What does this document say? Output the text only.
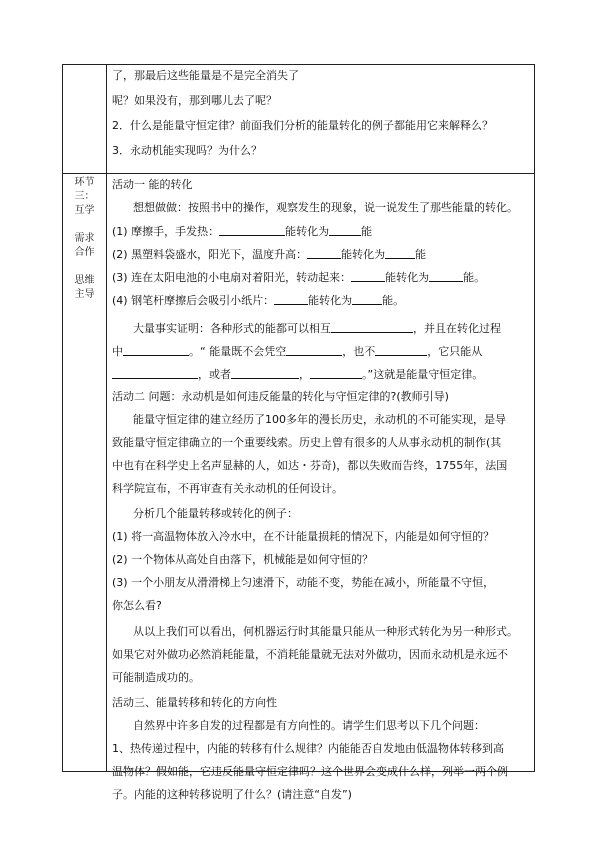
了，那最后这些能量是不是完全消失了
呢？如果没有，那到哪儿去了呢？
2．什么是能量守恒定律？前面我们分析的能量转化的例子都能用它来解释么？
3．永动机能实现吗？为什么？
环节
三：
互学
需求
合作
思维
主导
活动一 能的转化
想想做做：按照书中的操作，观察发生的现象，说一说发生了那些能量的转化。
(1) 摩擦手，手发热：	能转化为	能
(2) 黑塑料袋盛水，阳光下，温度升高：	能转化为	能
(3) 连在太阳电池的小电扇对着阳光，转动起来：	能转化为	能。
(4) 钢笔杆摩擦后会吸引小纸片：	能转化为	能。
大量事实证明：各种形式的能都可以相互	，并且在转化过程
中	。“ 能量既不会凭空	，也不	，它只能从
，或者	，	。”这就是能量守恒定律。
活动二 问题：永动机是如何违反能量的转化与守恒定律的?(教师引导)
能量守恒定律的建立经历了100多年的漫长历史，永动机的不可能实现，是导
致能量守恒定律确立的一个重要线索。历史上曾有很多的人从事永动机的制作(其
中也有在科学史上名声显赫的人，如达・芬奇)，都以失败而告终，1755年，法国
科学院宣布，不再审查有关永动机的任何设计。
分析几个能量转移或转化的例子：
(1) 将一高温物体放入冷水中，在不计能量损耗的情况下，内能是如何守恒的？
(2) 一个物体从高处自由落下，机械能是如何守恒的？
(3) 一个小朋友从滑滑梯上匀速滑下，动能不变，势能在减小，所能量不守恒，
你怎么看?
从以上我们可以看出，何机器运行时其能量只能从一种形式转化为另一种形式。
如果它对外做功必然消耗能量，不消耗能量就无法对外做功，因而永动机是永远不
可能制造成功的。
活动三、能量转移和转化的方向性
自然界中许多自发的过程都是有方向性的。请学生们思考以下几个问题：
1、热传递过程中，内能的转移有什么规律？内能能否自发地由低温物体转移到高
温物体？假如能，它违反能量守恒定律吗？这个世界会变成什么样，列举一两个例
子。内能的这种转移说明了什么？(请注意“自发”)
